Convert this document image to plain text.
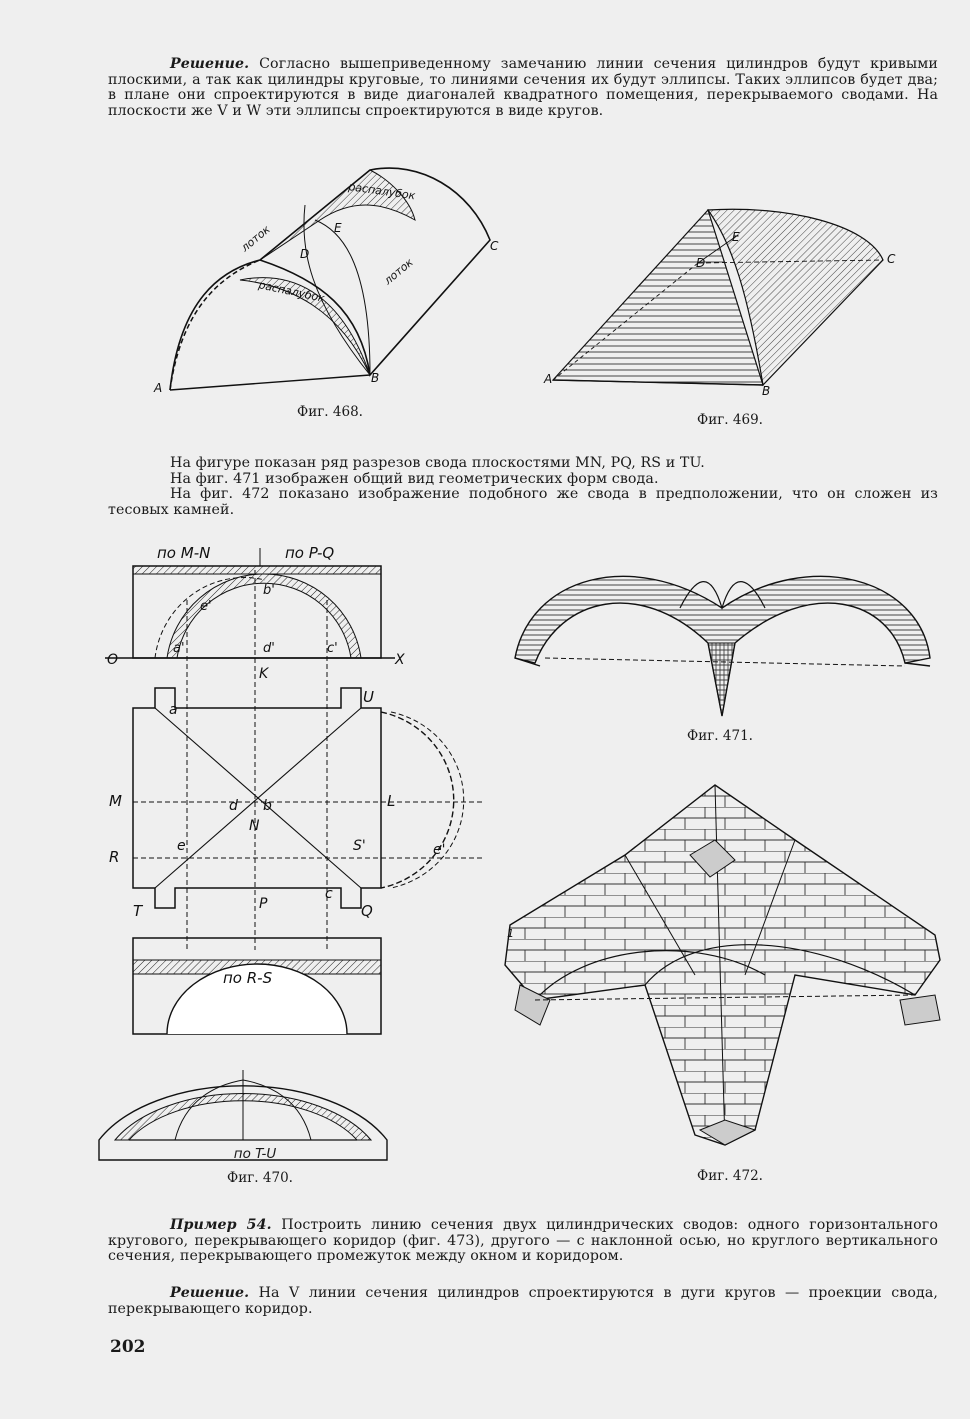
Решение. Согласно вышеприведенному замечанию линии сечения цилиндров будут кривыми плоскими, а так как цилиндры круговые, то линиями сечения их будут эллипсы. Таких эллипсов будет два; в плане они спроектируются в виде диагоналей квадратного помещения, перекрываемого сводами. На плоскости же V и W эти эллипсы спроектируются в виде кругов.
распалубок
распалубок
лоток
лоток
A
B
C
D
E
Фиг. 468.
A
B
C
D
E
Фиг. 469.
На фигуре показан ряд разрезов свода плоскостями MN, PQ, RS и TU.
На фиг. 471 изображен общий вид геометрических форм свода.
На фиг. 472 показано изображение подобного же свода в предположении, что он сложен из тесовых камней.
по M-N	по P-Q
O	X
a'
b'
c'
d'
e'
K
U
a
M	L
d b
N
R
e	S'	e'
T	P
c
Q
по R-S
по T-U
Фиг. 470.
Фиг. 471.
1
Фиг. 472.
Пример 54. Построить линию сечения двух цилиндрических сводов: одного горизонтального кругового, перекрывающего коридор (фиг. 473), другого — с наклонной осью, но круглого вертикального сечения, перекрывающего промежуток между окном и коридором.
Решение. На V линии сечения цилиндров спроектируются в дуги кругов — проекции свода, перекрывающего коридор.
202
